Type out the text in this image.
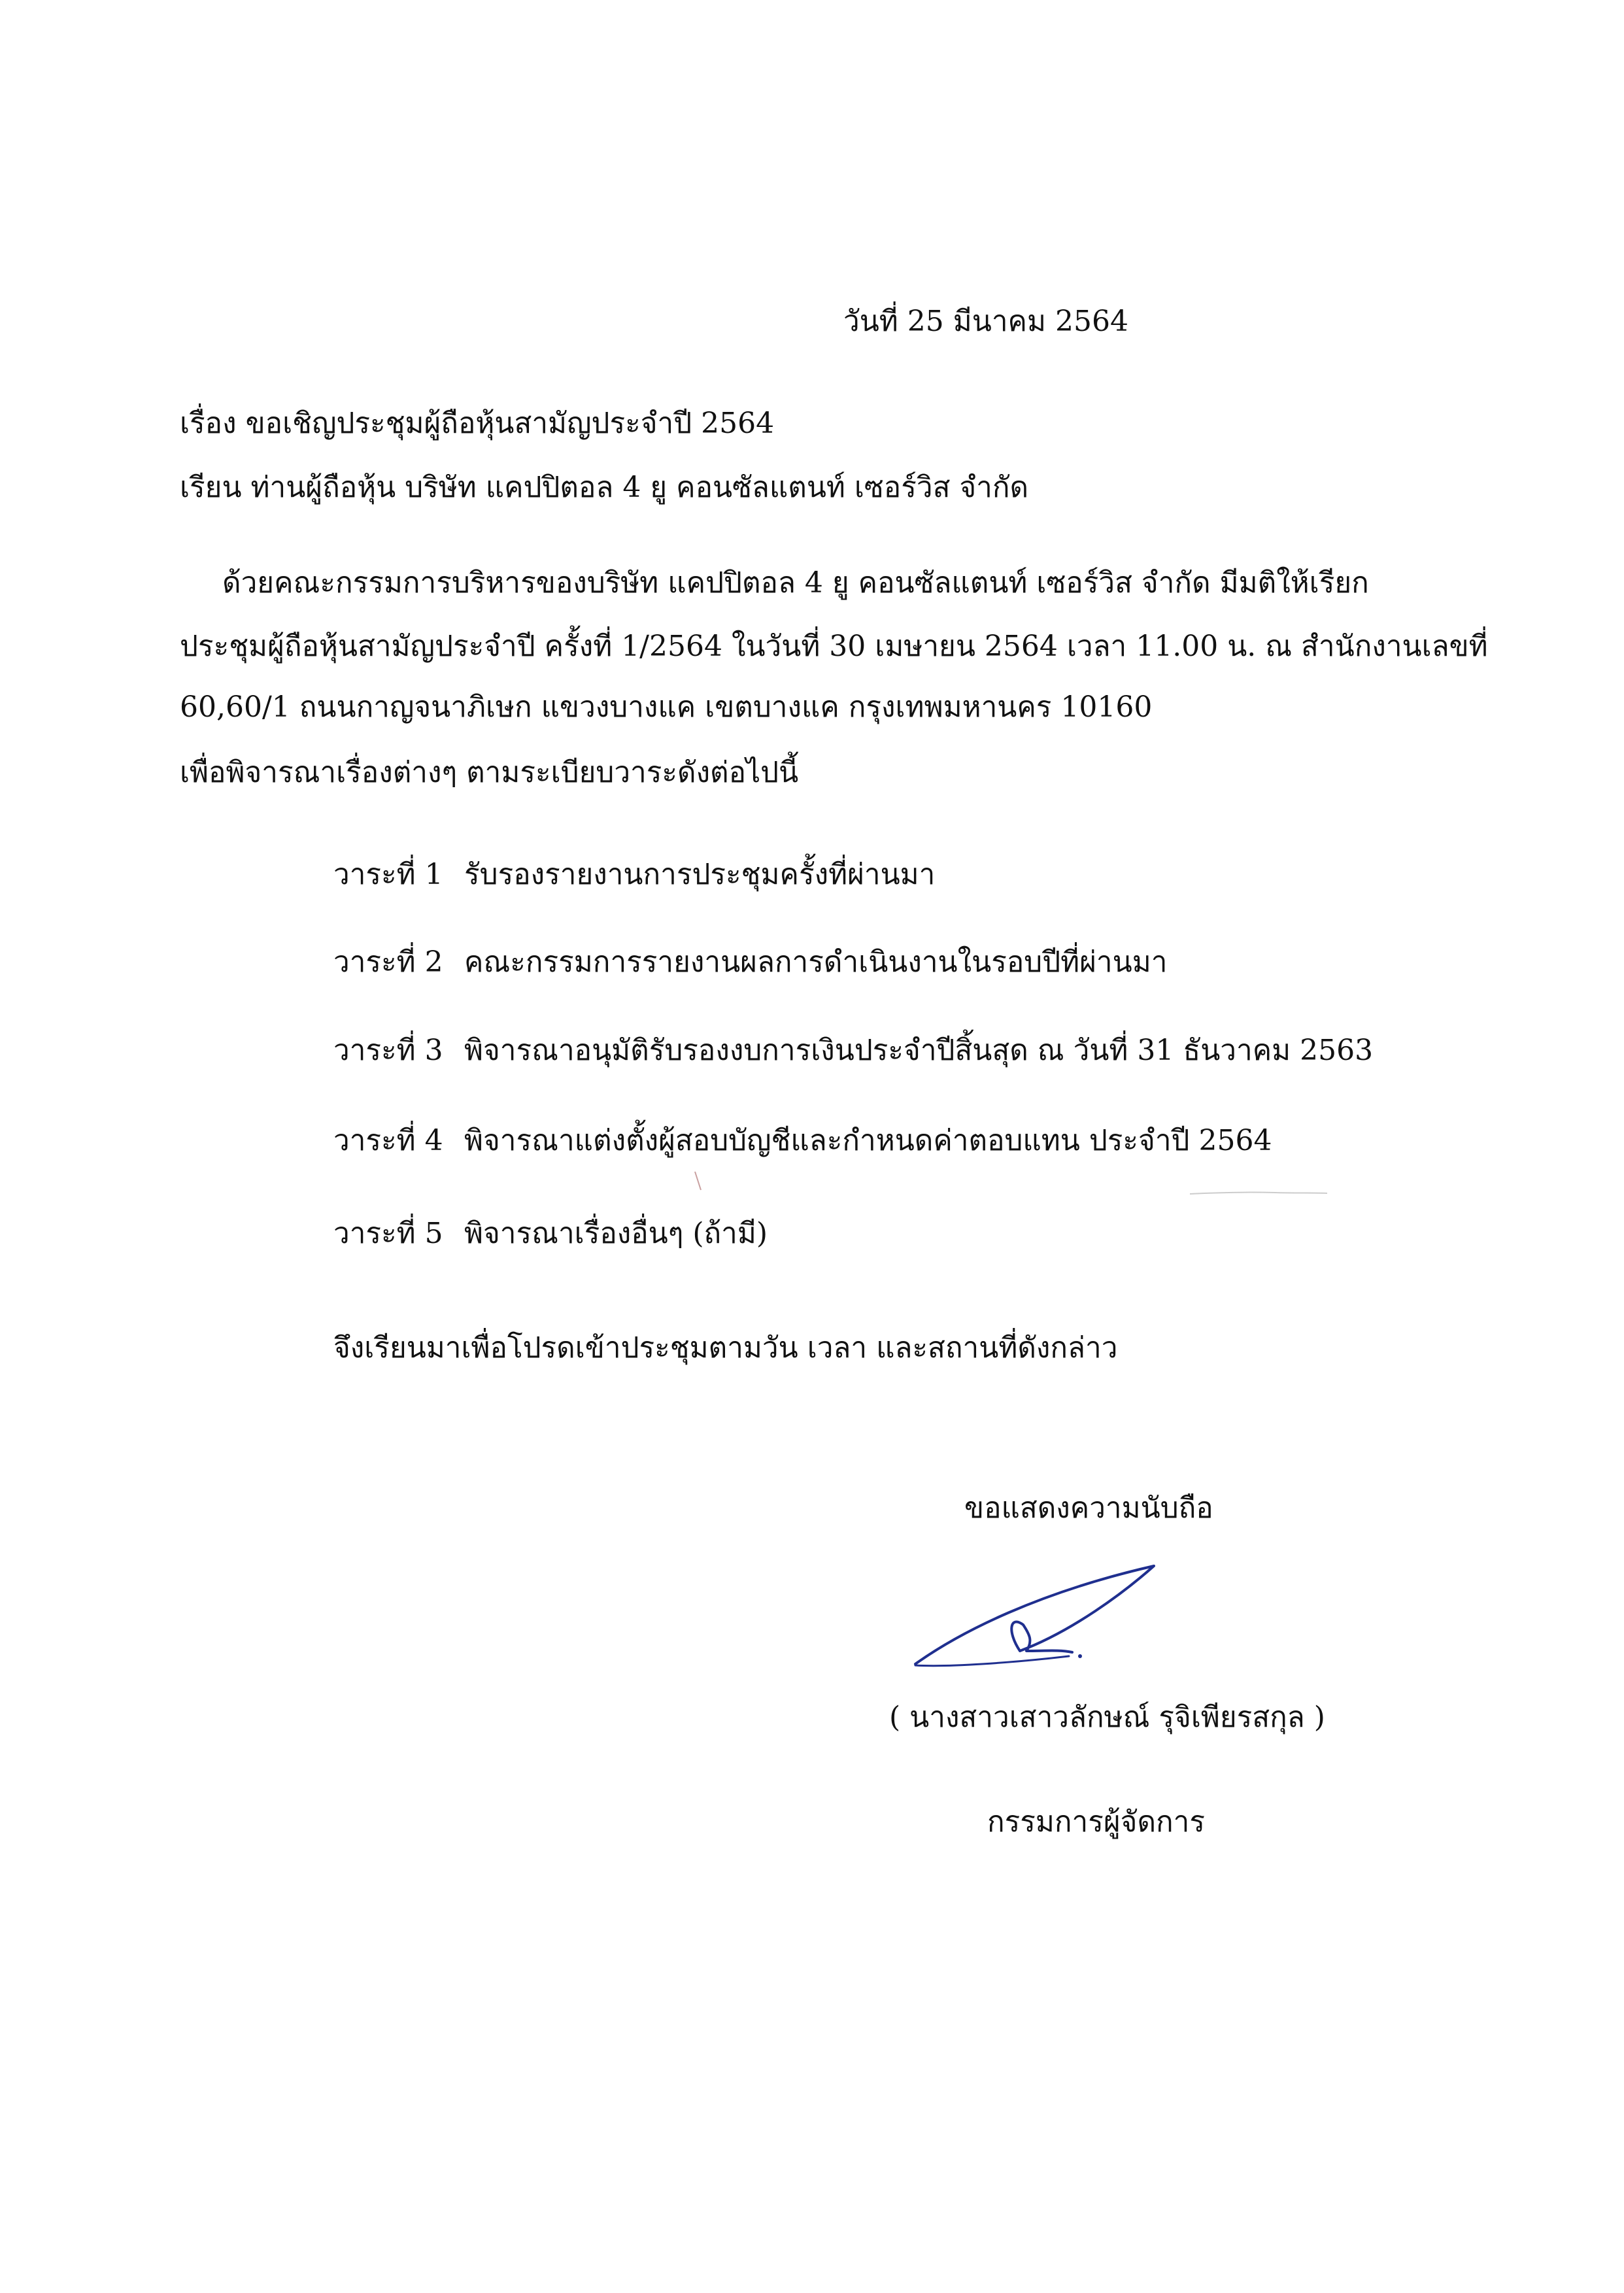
วันที่ 25 มีนาคม 2564
เรื่อง ขอเชิญประชุมผู้ถือหุ้นสามัญประจำปี 2564
เรียน ท่านผู้ถือหุ้น บริษัท แคปปิตอล 4 ยู คอนซัลแตนท์ เซอร์วิส จำกัด
ด้วยคณะกรรมการบริหารของบริษัท แคปปิตอล 4 ยู คอนซัลแตนท์ เซอร์วิส จำกัด มีมติให้เรียก
ประชุมผู้ถือหุ้นสามัญประจำปี ครั้งที่ 1/2564 ในวันที่ 30 เมษายน 2564 เวลา 11.00 น. ณ สำนักงานเลขที่
60,60/1 ถนนกาญจนาภิเษก แขวงบางแค เขตบางแค กรุงเทพมหานคร 10160
เพื่อพิจารณาเรื่องต่างๆ ตามระเบียบวาระดังต่อไปนี้
วาระที่ 1 รับรองรายงานการประชุมครั้งที่ผ่านมา
วาระที่ 2 คณะกรรมการรายงานผลการดำเนินงานในรอบปีที่ผ่านมา
วาระที่ 3 พิจารณาอนุมัติรับรองงบการเงินประจำปีสิ้นสุด ณ วันที่ 31 ธันวาคม 2563
วาระที่ 4 พิจารณาแต่งตั้งผู้สอบบัญชีและกำหนดค่าตอบแทน ประจำปี 2564
วาระที่ 5 พิจารณาเรื่องอื่นๆ (ถ้ามี)
จึงเรียนมาเพื่อโปรดเข้าประชุมตามวัน เวลา และสถานที่ดังกล่าว
ขอแสดงความนับถือ
( นางสาวเสาวลักษณ์ รุจิเพียรสกุล )
กรรมการผู้จัดการ
